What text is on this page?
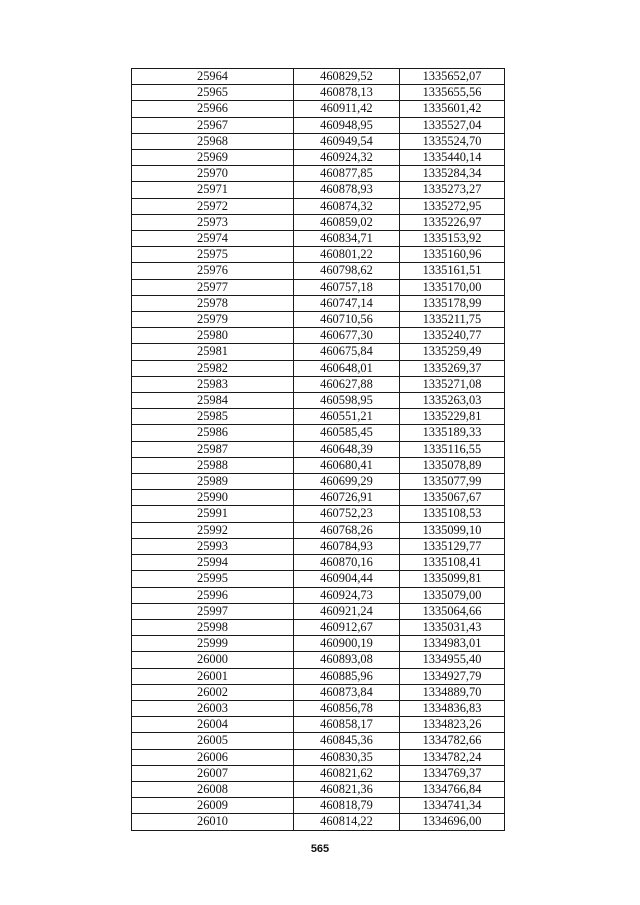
25964	460829,52	1335652,07
25965	460878,13	1335655,56
25966	460911,42	1335601,42
25967	460948,95	1335527,04
25968	460949,54	1335524,70
25969	460924,32	1335440,14
25970	460877,85	1335284,34
25971	460878,93	1335273,27
25972	460874,32	1335272,95
25973	460859,02	1335226,97
25974	460834,71	1335153,92
25975	460801,22	1335160,96
25976	460798,62	1335161,51
25977	460757,18	1335170,00
25978	460747,14	1335178,99
25979	460710,56	1335211,75
25980	460677,30	1335240,77
25981	460675,84	1335259,49
25982	460648,01	1335269,37
25983	460627,88	1335271,08
25984	460598,95	1335263,03
25985	460551,21	1335229,81
25986	460585,45	1335189,33
25987	460648,39	1335116,55
25988	460680,41	1335078,89
25989	460699,29	1335077,99
25990	460726,91	1335067,67
25991	460752,23	1335108,53
25992	460768,26	1335099,10
25993	460784,93	1335129,77
25994	460870,16	1335108,41
25995	460904,44	1335099,81
25996	460924,73	1335079,00
25997	460921,24	1335064,66
25998	460912,67	1335031,43
25999	460900,19	1334983,01
26000	460893,08	1334955,40
26001	460885,96	1334927,79
26002	460873,84	1334889,70
26003	460856,78	1334836,83
26004	460858,17	1334823,26
26005	460845,36	1334782,66
26006	460830,35	1334782,24
26007	460821,62	1334769,37
26008	460821,36	1334766,84
26009	460818,79	1334741,34
26010	460814,22	1334696,00
565
